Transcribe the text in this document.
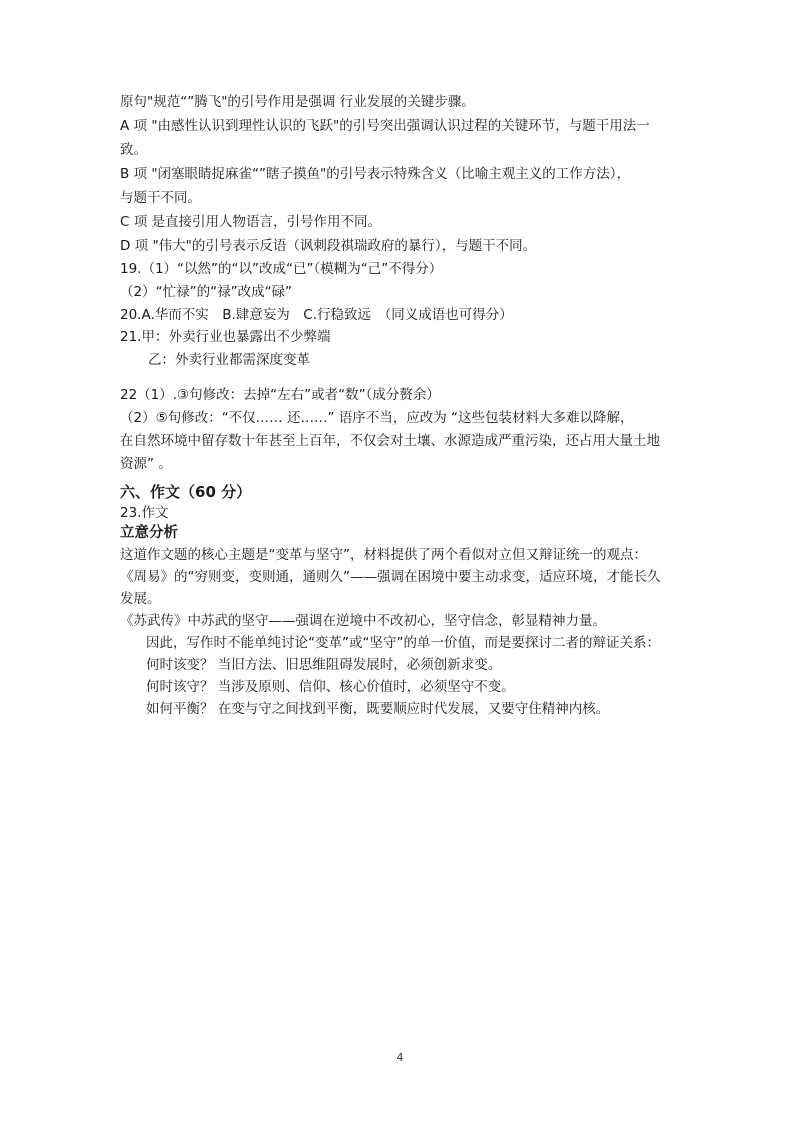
原句"规范“”腾飞"的引号作用是强调 行业发展的关键步骤。
A 项 "由感性认识到理性认识的飞跃"的引号突出强调认识过程的关键环节，与题干用法一
致。
B 项 "闭塞眼睛捉麻雀“”瞎子摸鱼"的引号表示特殊含义（比喻主观主义的工作方法），
与题干不同。
C 项 是直接引用人物语言，引号作用不同。
D 项 "伟大"的引号表示反语（讽刺段祺瑞政府的暴行），与题干不同。
19.（1）“以然”的“以”改成“已”（模糊为“己”不得分）
（2）“忙禄”的“禄”改成“碌”
20.A.华而不实　B.肆意妄为　C.行稳致远　（同义成语也可得分）
21.甲：外卖行业也暴露出不少弊端
乙：外卖行业都需深度变革
22（1）.③句修改：去掉“左右”或者“数”（成分赘余）
（2）⑤句修改：“不仅…… 还……” 语序不当，应改为 “这些包装材料大多难以降解，
在自然环境中留存数十年甚至上百年，不仅会对土壤、水源造成严重污染，还占用大量土地
资源” 。
六、作文（60 分）
23.作文
立意分析
这道作文题的核心主题是“变革与坚守”，材料提供了两个看似对立但又辩证统一的观点：
《周易》的“穷则变，变则通，通则久”——强调在困境中要主动求变，适应环境，才能长久
发展。
《苏武传》中苏武的坚守——强调在逆境中不改初心，坚守信念，彰显精神力量。
因此，写作时不能单纯讨论“变革”或“坚守”的单一价值，而是要探讨二者的辩证关系：
何时该变？ 当旧方法、旧思维阻碍发展时，必须创新求变。
何时该守？ 当涉及原则、信仰、核心价值时，必须坚守不变。
如何平衡？ 在变与守之间找到平衡，既要顺应时代发展，又要守住精神内核。
4
